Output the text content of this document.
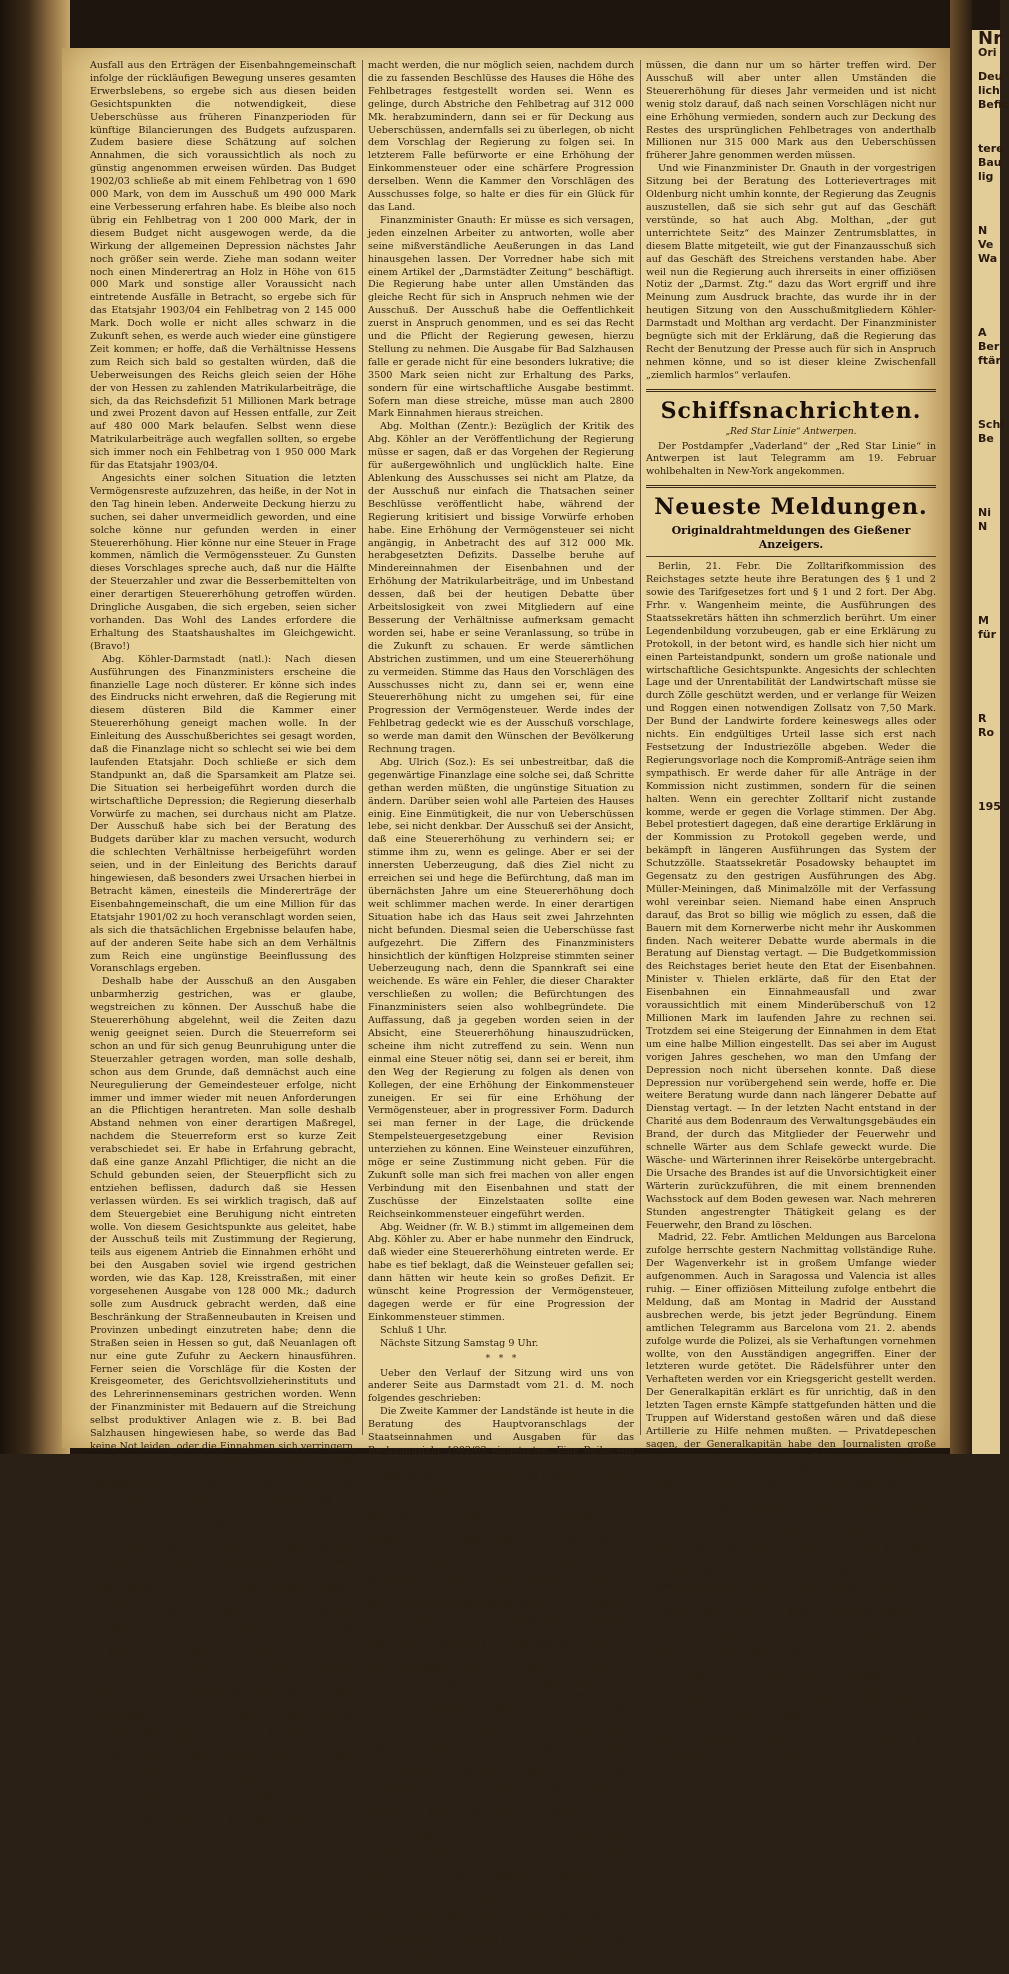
Nr
Ori
Deu
lich
Befic
tere
Bau
lig
N
Ve
Wa
A
Ber
ftär
Schl
Be
Ni
N
M
für
R
Ro
195

Ausfall aus den Erträgen der Eisenbahngemeinschaft infolge der rückläufigen Bewegung unseres gesamten Erwerbslebens, so ergebe sich aus diesen beiden Gesichtspunkten die notwendigkeit, diese Ueberschüsse aus früheren Finanzperioden für künftige Bilancierungen des Budgets aufzusparen. Zudem basiere diese Schätzung auf solchen Annahmen, die sich voraussichtlich als noch zu günstig angenommen erweisen würden. Das Budget 1902/03 schließe ab mit einem Fehlbetrag von 1 690 000 Mark, von dem im Ausschuß um 490 000 Mark eine Verbesserung erfahren habe. Es bleibe also noch übrig ein Fehlbetrag von 1 200 000 Mark, der in diesem Budget nicht ausgewogen werde, da die Wirkung der allgemeinen Depression nächstes Jahr noch größer sein werde. Ziehe man sodann weiter noch einen Minderertrag an Holz in Höhe von 615 000 Mark und sonstige aller Voraussicht nach eintretende Ausfälle in Betracht, so ergebe sich für das Etatsjahr 1903/04 ein Fehlbetrag von 2 145 000 Mark. Doch wolle er nicht alles schwarz in die Zukunft sehen, es werde auch wieder eine günstigere Zeit kommen; er hoffe, daß die Verhältnisse Hessens zum Reich sich bald so gestalten würden, daß die Ueberweisungen des Reichs gleich seien der Höhe der von Hessen zu zahlenden Matrikularbeiträge, die sich, da das Reichsdefizit 51 Millionen Mark betrage und zwei Prozent davon auf Hessen entfalle, zur Zeit auf 480 000 Mark belaufen. Selbst wenn diese Matrikularbeiträge auch wegfallen sollten, so ergebe sich immer noch ein Fehlbetrag von 1 950 000 Mark für das Etatsjahr 1903/04.

Angesichts einer solchen Situation die letzten Vermögensreste aufzuzehren, das heiße, in der Not in den Tag hinein leben. Anderweite Deckung hierzu zu suchen, sei daher unvermeidlich geworden, und eine solche könne nur gefunden werden in einer Steuererhöhung. Hier könne nur eine Steuer in Frage kommen, nämlich die Vermögenssteuer. Zu Gunsten dieses Vorschlages spreche auch, daß nur die Hälfte der Steuerzahler und zwar die Besserbemittelten von einer derartigen Steuererhöhung getroffen würden. Dringliche Ausgaben, die sich ergeben, seien sicher vorhanden. Das Wohl des Landes erfordere die Erhaltung des Staatshaushaltes im Gleichgewicht. (Bravo!)

Abg. Köhler-Darmstadt (natl.): Nach diesen Ausführungen des Finanzministers erscheine die finanzielle Lage noch düsterer. Er könne sich indes des Eindrucks nicht erwehren, daß die Regierung mit diesem düsteren Bild die Kammer einer Steuererhöhung geneigt machen wolle. In der Einleitung des Ausschußberichtes sei gesagt worden, daß die Finanzlage nicht so schlecht sei wie bei dem laufenden Etatsjahr. Doch schließe er sich dem Standpunkt an, daß die Sparsamkeit am Platze sei. Die Situation sei herbeigeführt worden durch die wirtschaftliche Depression; die Regierung dieserhalb Vorwürfe zu machen, sei durchaus nicht am Platze. Der Ausschuß habe sich bei der Beratung des Budgets darüber klar zu machen versucht, wodurch die schlechten Verhältnisse herbeigeführt worden seien, und in der Einleitung des Berichts darauf hingewiesen, daß besonders zwei Ursachen hierbei in Betracht kämen, einesteils die Mindererträge der Eisenbahngemeinschaft, die um eine Million für das Etatsjahr 1901/02 zu hoch veranschlagt worden seien, als sich die thatsächlichen Ergebnisse belaufen habe, auf der anderen Seite habe sich an dem Verhältnis zum Reich eine ungünstige Beeinflussung des Voranschlags ergeben.

Deshalb habe der Ausschuß an den Ausgaben unbarmherzig gestrichen, was er glaube, wegstreichen zu können. Der Ausschuß habe die Steuererhöhung abgelehnt, weil die Zeiten dazu wenig geeignet seien. Durch die Steuerreform sei schon an und für sich genug Beunruhigung unter die Steuerzahler getragen worden, man solle deshalb, schon aus dem Grunde, daß demnächst auch eine Neuregulierung der Gemeindesteuer erfolge, nicht immer und immer wieder mit neuen Anforderungen an die Pflichtigen herantreten. Man solle deshalb Abstand nehmen von einer derartigen Maßregel, nachdem die Steuerreform erst so kurze Zeit verabschiedet sei. Er habe in Erfahrung gebracht, daß eine ganze Anzahl Pflichtiger, die nicht an die Schuld gebunden seien, der Steuerpflicht sich zu entziehen beflissen, dadurch daß sie Hessen verlassen würden. Es sei wirklich tragisch, daß auf dem Steuergebiet eine Beruhigung nicht eintreten wolle. Von diesem Gesichtspunkte aus geleitet, habe der Ausschuß teils mit Zustimmung der Regierung, teils aus eigenem Antrieb die Einnahmen erhöht und bei den Ausgaben soviel wie irgend gestrichen worden, wie das Kap. 128, Kreisstraßen, mit einer vorgesehenen Ausgabe von 128 000 Mk.; dadurch solle zum Ausdruck gebracht werden, daß eine Beschränkung der Straßenneubauten in Kreisen und Provinzen unbedingt einzutreten habe; denn die Straßen seien in Hessen so gut, daß Neuanlagen oft nur eine gute Zufuhr zu Aeckern hinausführen. Ferner seien die Vorschläge für die Kosten der Kreisgeometer, des Gerichtsvollzieherinstituts und des Lehrerinnenseminars gestrichen worden. Wenn der Finanzminister mit Bedauern auf die Streichung selbst produktiver Anlagen wie z. B. bei Bad Salzhausen hingewiesen habe, so werde das Bad keine Not leiden, oder die Einnahmen sich verringern, wenn statt 10 000 Mk. nur 6700 Mark bewilligt würden, und deshalb sei die Streichung bei Waldkulturkosten gewiß nicht so schlimm. Von ebensolcher Bedeutung sei die Verhinderung der Steuererhöhung, ohne dieselbe sei eine Ordnung auf die Dauer zu erzielen. Was die Zuschüsse an das Kurfürstliche Bad-Nauheim anlange, so sei dort in den letzten Jahren sehr viel zugesetzt worden, und man könne jetzt zu anderen Maßnahmen greifen. Ferner habe man das Defizit von 200 000 Mark an den Ueberschüssen früherer Finanzperioden decken können, und es sei ganz einerlei, ob diese Ueberschüsse 800 000 Mk. oder 500 000 Mk. betragen. Es habe sich im Ausschuß nicht darum gehandelt, einen Vorschlag zu machen, wie das Defizit zu decken sei, sondern es sei nur darum zu thun gewesen, daß die Ausgaben für einige Zeit geregelt würden. Umsomehr habe er sich gewundert, daß die Regierung sich veranlaßt gesehen habe, an dem Ausschußbericht eine Kritik durch einen Artikel in der „Darmstädter Zeitung“ zu üben zu einer Zeit, da derselbe noch nicht veröffentlicht gewesen sei, und nun als Entwurf bestanden habe. In diesem Stadium sei der Entwurf noch Eigentum des Ausschusses gewesen und die Regierung habe zweckmäßiger gehandelt, abzuwarten, bis der Bericht öffentlich bekannt gewesen wäre. Er schlage nun vor, das Defizit durch frühere Ueberschüsse zu decken, denn es sei die Frage, ob bei der Beratung des Finanzgesetzes entsprechende Vorschläge ge-

macht werden, die nur möglich seien, nachdem durch die zu fassenden Beschlüsse des Hauses die Höhe des Fehlbetrages festgestellt worden sei. Wenn es gelinge, durch Abstriche den Fehlbetrag auf 312 000 Mk. herabzumindern, dann sei er für Deckung aus Ueberschüssen, andernfalls sei zu überlegen, ob nicht dem Vorschlag der Regierung zu folgen sei. In letzterem Falle befürworte er eine Erhöhung der Einkommensteuer oder eine schärfere Progression derselben. Wenn die Kammer den Vorschlägen des Ausschusses folge, so halte er dies für ein Glück für das Land.

Finanzminister Gnauth: Er müsse es sich versagen, jeden einzelnen Arbeiter zu antworten, wolle aber seine mißverständliche Aeußerungen in das Land hinausgehen lassen. Der Vorredner habe sich mit einem Artikel der „Darmstädter Zeitung“ beschäftigt. Die Regierung habe unter allen Umständen das gleiche Recht für sich in Anspruch nehmen wie der Ausschuß. Der Ausschuß habe die Oeffentlichkeit zuerst in Anspruch genommen, und es sei das Recht und die Pflicht der Regierung gewesen, hierzu Stellung zu nehmen. Die Ausgabe für Bad Salzhausen falle er gerade nicht für eine besonders lukrative; die 3500 Mark seien nicht zur Erhaltung des Parks, sondern für eine wirtschaftliche Ausgabe bestimmt. Sofern man diese streiche, müsse man auch 2800 Mark Einnahmen hieraus streichen.

Abg. Molthan (Zentr.): Bezüglich der Kritik des Abg. Köhler an der Veröffentlichung der Regierung müsse er sagen, daß er das Vorgehen der Regierung für außergewöhnlich und unglücklich halte. Eine Ablenkung des Ausschusses sei nicht am Platze, da der Ausschuß nur einfach die Thatsachen seiner Beschlüsse veröffentlicht habe, während der Regierung kritisiert und bissige Vorwürfe erhoben habe. Eine Erhöhung der Vermögensteuer sei nicht angängig, in Anbetracht des auf 312 000 Mk. herabgesetzten Defizits. Dasselbe beruhe auf Mindereinnahmen der Eisenbahnen und der Erhöhung der Matrikularbeiträge, und im Unbestand dessen, daß bei der heutigen Debatte über Arbeitslosigkeit von zwei Mitgliedern auf eine Besserung der Verhältnisse aufmerksam gemacht worden sei, habe er seine Veranlassung, so trübe in die Zukunft zu schauen. Er werde sämtlichen Abstrichen zustimmen, und um eine Steuererhöhung zu vermeiden. Stimme das Haus den Vorschlägen des Ausschusses nicht zu, dann sei er, wenn eine Steuererhöhung nicht zu umgehen sei, für eine Progression der Vermögensteuer. Werde indes der Fehlbetrag gedeckt wie es der Ausschuß vorschlage, so werde man damit den Wünschen der Bevölkerung Rechnung tragen.

Abg. Ulrich (Soz.): Es sei unbestreitbar, daß die gegenwärtige Finanzlage eine solche sei, daß Schritte gethan werden müßten, die ungünstige Situation zu ändern. Darüber seien wohl alle Parteien des Hauses einig. Eine Einmütigkeit, die nur von Ueberschüssen lebe, sei nicht denkbar. Der Ausschuß sei der Ansicht, daß eine Steuererhöhung zu verhindern sei; er stimme ihm zu, wenn es gelinge. Aber er sei der innersten Ueberzeugung, daß dies Ziel nicht zu erreichen sei und hege die Befürchtung, daß man im übernächsten Jahre um eine Steuererhöhung doch weit schlimmer machen werde. In einer derartigen Situation habe ich das Haus seit zwei Jahrzehnten nicht befunden. Diesmal seien die Ueberschüsse fast aufgezehrt. Die Ziffern des Finanzministers hinsichtlich der künftigen Holzpreise stimmten seiner Ueberzeugung nach, denn die Spannkraft sei eine weichende. Es wäre ein Fehler, die dieser Charakter verschließen zu wollen; die Befürchtungen des Finanzministers seien also wohlbegründete. Die Auffassung, daß ja gegeben worden seien in der Absicht, eine Steuererhöhung hinauszudrücken, scheine ihm nicht zutreffend zu sein. Wenn nun einmal eine Steuer nötig sei, dann sei er bereit, ihm den Weg der Regierung zu folgen als denen von Kollegen, der eine Erhöhung der Einkommensteuer zuneigen. Er sei für eine Erhöhung der Vermögensteuer, aber in progressiver Form. Dadurch sei man ferner in der Lage, die drückende Stempelsteuergesetzgebung einer Revision unterziehen zu können. Eine Weinsteuer einzuführen, möge er seine Zustimmung nicht geben. Für die Zukunft solle man sich frei machen von aller engen Verbindung mit den Eisenbahnen und statt der Zuschüsse der Einzelstaaten sollte eine Reichseinkommensteuer eingeführt werden.

Abg. Weidner (fr. W. B.) stimmt im allgemeinen dem Abg. Köhler zu. Aber er habe nunmehr den Eindruck, daß wieder eine Steuererhöhung eintreten werde. Er habe es tief beklagt, daß die Weinsteuer gefallen sei; dann hätten wir heute kein so großes Defizit. Er wünscht keine Progression der Vermögensteuer, dagegen werde er für eine Progression der Einkommensteuer stimmen.

Schluß 1 Uhr.

Nächste Sitzung Samstag 9 Uhr.

*   *   *

Ueber den Verlauf der Sitzung wird uns von anderer Seite aus Darmstadt vom 21. d. M. noch folgendes geschrieben:

Die Zweite Kammer der Landstände ist heute in die Beratung des Hauptvoranschlags der Staatseinnahmen und Ausgaben für das Rechnungsjahr 1902/03 eingetreten. Eine Reihe von sprechreifen Gegenständen wurde in der Sitzung zurückgestellt, um wenigstens das Budget bis 1. April unter Dach und Fach zu bringen. Mit Antrag Ulrich wurde zwar die gestrige Sitzung schon um 12 Uhr geschlossen, um einigen Herren noch Gelegenheit zu geben, den umfangreichen Ausschußbericht zu studieren. Ob diese Herren in der dadurch gewonnenen einen Stunde den Stein der Weisen gefunden haben, dürfte dahingestellt bleiben; jedenfalls steht fest, daß die Frage gelöst worden ist, wie das Millionen-Defizit zu decken ist, das ist nach dem Gang der heutigen Verhandlung sehr zweifelhaft. Wohl hat jeder seinen Weg, der gefahrlos am Abgrund vorüber führen soll; aber dabei handelt es sich darum, sich auf dem Wege für Land und Volk sicherstellen zu können, daß die Einnahmen im nächsten Jahre zusammenfließen werden. Die Regierung will durch eine Erhöhung der Vermögensteuer das Gleichgewicht des künftigen Budgets sorgen, weil nicht voraussehbar werden kann, wie die Lage, besonders mit Rücksicht auf die Höhe der Beiträge an das Reich und der Einnahmen aus den Eisenbahnen, sich in Zukunft gestalten wird. Abg. Ulrich stimmt freudig zu, weil er die Aenderung der Steuergesetze für günstige Gelegenheit hält, die von den Sozialdemokraten beantragten und von der Mehrheit der Zweiten Kammer genehmigte, von der Ersten Kammer aber abgelehnte Progression der Vermögensteuer einzuführen. Die Redner der übrigen Parteien wollen nur sehr ungern in die Steuerpolitik eingreifen, denn die Arbeit eines Steuerschraubers mithun, und der Finanzausschuß zeigt ihnen auch den Weg, wie sie davon abkommen können: durch Abstriche an aufschiebbaren Ausgaben. Ulrich, der bereits neben der Regierung im Finanzausschuß steht, macht aber darauf aufmerksam, daß das „Streich-System“ in nächsten Jahre, wenn sich die Ausgaben nicht wesentlich heruntersetzen lassen, den Gleichlaugen wieder herbeiführen werde, so daß es doch zu einer Steuererhöhung wird schreiten

müssen, die dann nur um so härter treffen wird. Der Ausschuß will aber unter allen Umständen die Steuererhöhung für dieses Jahr vermeiden und ist nicht wenig stolz darauf, daß nach seinen Vorschlägen nicht nur eine Erhöhung vermieden, sondern auch zur Deckung des Restes des ursprünglichen Fehlbetrages von anderthalb Millionen nur 315 000 Mark aus den Ueberschüssen früherer Jahre genommen werden müssen.

Und wie Finanzminister Dr. Gnauth in der vorgestrigen Sitzung bei der Beratung des Lotterievertrages mit Oldenburg nicht umhin konnte, der Regierung das Zeugnis auszustellen, daß sie sich sehr gut auf das Geschäft verstünde, so hat auch Abg. Molthan, „der gut unterrichtete Seitz“ des Mainzer Zentrumsblattes, in diesem Blatte mitgeteilt, wie gut der Finanzausschuß sich auf das Geschäft des Streichens verstanden habe. Aber weil nun die Regierung auch ihrerseits in einer offiziösen Notiz der „Darmst. Ztg.“ dazu das Wort ergriff und ihre Meinung zum Ausdruck brachte, das wurde ihr in der heutigen Sitzung von den Ausschußmitgliedern Köhler-Darmstadt und Molthan arg verdacht. Der Finanzminister begnügte sich mit der Erklärung, daß die Regierung das Recht der Benutzung der Presse auch für sich in Anspruch nehmen könne, und so ist dieser kleine Zwischenfall „ziemlich harmlos“ verlaufen.

Schiffsnachrichten.
„Red Star Linie“ Antwerpen.

Der Postdampfer „Vaderland“ der „Red Star Linie“ in Antwerpen ist laut Telegramm am 19. Februar wohlbehalten in New-York angekommen.

Neueste Meldungen.
Originaldrahtmeldungen des Gießener Anzeigers.

Berlin, 21. Febr. Die Zolltarifkommission des Reichstages setzte heute ihre Beratungen des § 1 und 2 sowie des Tarifgesetzes fort und § 1 und 2 fort. Der Abg. Frhr. v. Wangenheim meinte, die Ausführungen des Staatssekretärs hätten ihn schmerzlich berührt. Um einer Legendenbildung vorzubeugen, gab er eine Erklärung zu Protokoll, in der betont wird, es handle sich hier nicht um einen Parteistandpunkt, sondern um große nationale und wirtschaftliche Gesichtspunkte. Angesichts der schlechten Lage und der Unrentabilität der Landwirtschaft müsse sie durch Zölle geschützt werden, und er verlange für Weizen und Roggen einen notwendigen Zollsatz von 7,50 Mark. Der Bund der Landwirte fordere keineswegs alles oder nichts. Ein endgültiges Urteil lasse sich erst nach Festsetzung der Industriezölle abgeben. Weder die Regierungsvorlage noch die Kompromiß-Anträge seien ihm sympathisch. Er werde daher für alle Anträge in der Kommission nicht zustimmen, sondern für die seinen halten. Wenn ein gerechter Zolltarif nicht zustande komme, werde er gegen die Vorlage stimmen. Der Abg. Bebel protestiert dagegen, daß eine derartige Erklärung in der Kommission zu Protokoll gegeben werde, und bekämpft in längeren Ausführungen das System der Schutzzölle. Staatssekretär Posadowsky behauptet im Gegensatz zu den gestrigen Ausführungen des Abg. Müller-Meiningen, daß Minimalzölle mit der Verfassung wohl vereinbar seien. Niemand habe einen Anspruch darauf, das Brot so billig wie möglich zu essen, daß die Bauern mit dem Kornerwerbe nicht mehr ihr Auskommen finden. Nach weiterer Debatte wurde abermals in die Beratung auf Dienstag vertagt. — Die Budgetkommission des Reichstages beriet heute den Etat der Eisenbahnen. Minister v. Thielen erklärte, daß für den Etat der Eisenbahnen ein Einnahmeausfall und zwar voraussichtlich mit einem Minderüberschuß von 12 Millionen Mark im laufenden Jahre zu rechnen sei. Trotzdem sei eine Steigerung der Einnahmen in dem Etat um eine halbe Million eingestellt. Das sei aber im August vorigen Jahres geschehen, wo man den Umfang der Depression noch nicht übersehen konnte. Daß diese Depression nur vorübergehend sein werde, hoffe er. Die weitere Beratung wurde dann nach längerer Debatte auf Dienstag vertagt. — In der letzten Nacht entstand in der Charité aus dem Bodenraum des Verwaltungsgebäudes ein Brand, der durch das Mitglieder der Feuerwehr und schnelle Wärter aus dem Schlafe geweckt wurde. Die Wäsche- und Wärterinnen ihrer Reisekörbe untergebracht. Die Ursache des Brandes ist auf die Unvorsichtigkeit einer Wärterin zurückzuführen, die mit einem brennenden Wachsstock auf dem Boden gewesen war. Nach mehreren Stunden angestrengter Thätigkeit gelang es der Feuerwehr, den Brand zu löschen.

Madrid, 22. Febr. Amtlichen Meldungen aus Barcelona zufolge herrschte gestern Nachmittag vollständige Ruhe. Der Wagenverkehr ist in großem Umfange wieder aufgenommen. Auch in Saragossa und Valencia ist alles ruhig. — Einer offiziösen Mitteilung zufolge entbehrt die Meldung, daß am Montag in Madrid der Ausstand ausbrechen werde, bis jetzt jeder Begründung. Einem amtlichen Telegramm aus Barcelona vom 21. 2. abends zufolge wurde die Polizei, als sie Verhaftungen vornehmen wollte, von den Ausständigen angegriffen. Einer der letzteren wurde getötet. Die Rädelsführer unter den Verhafteten werden vor ein Kriegsgericht gestellt werden. Der Generalkapitän erklärt es für unrichtig, daß in den letzten Tagen ernste Kämpfe stattgefunden hätten und die Truppen auf Widerstand gestoßen wären und daß diese Artillerie zu Hilfe nehmen mußten. — Privatdepeschen sagen, der Generalkapitän habe den Journalisten große Vorsicht in der Absendung von Telegrammen angeraten. Mehrere Hundert wollten von Madrid aus den Streik dort ausdehnen. Weiter heißt es in Privatdepeschen, daß Provinzantwagen angegriffen worden seien, wobei Schüsse gewechselt wurden. Mehrere Personen wurden verwundet. In Manresa ist die Arbeit wieder aufgenommen worden.

Petersburg, 22. Febr. Hier verbreitete sich am 20. Februar abends das Gerücht, Tolstoi sei bereits gestorben. Die Nachricht sei deshalb nicht veröffentlicht worden, weil der heilige Synod sich noch nicht schlüssig sei, ob er die Exkommunikation aufheben solle. Dieses Gerücht rief unter den Studenten große Aufregung hervor. Mehrere Hundert wollten nach der Kasan-Kathedrale ziehen, um eine Seelenmesse für Tolstoi lesen zu lassen. Dabei ertönten die Rufe: „Es lebe der unsterbliche Tolstoi, Rußlands größter Mann! Nieder mit den Hunden!“ Die Polizei ließ die Studenten auseinander und die Artikel in die Erklärung zurückzuziehen. Infolge dieser Demonstration ist die Feier des Stiftungstages der Universität, die am 22. Febr. stattfinden sollte, untersagt worden. — Die letzten Nachrichten aus Jalta lauten: Nachdem im Befinden Tolstois der gestrige Tag sehr unruhig gewesen, verlief die Nacht günstig. Das Gesamtbefinden hat sich besser.
